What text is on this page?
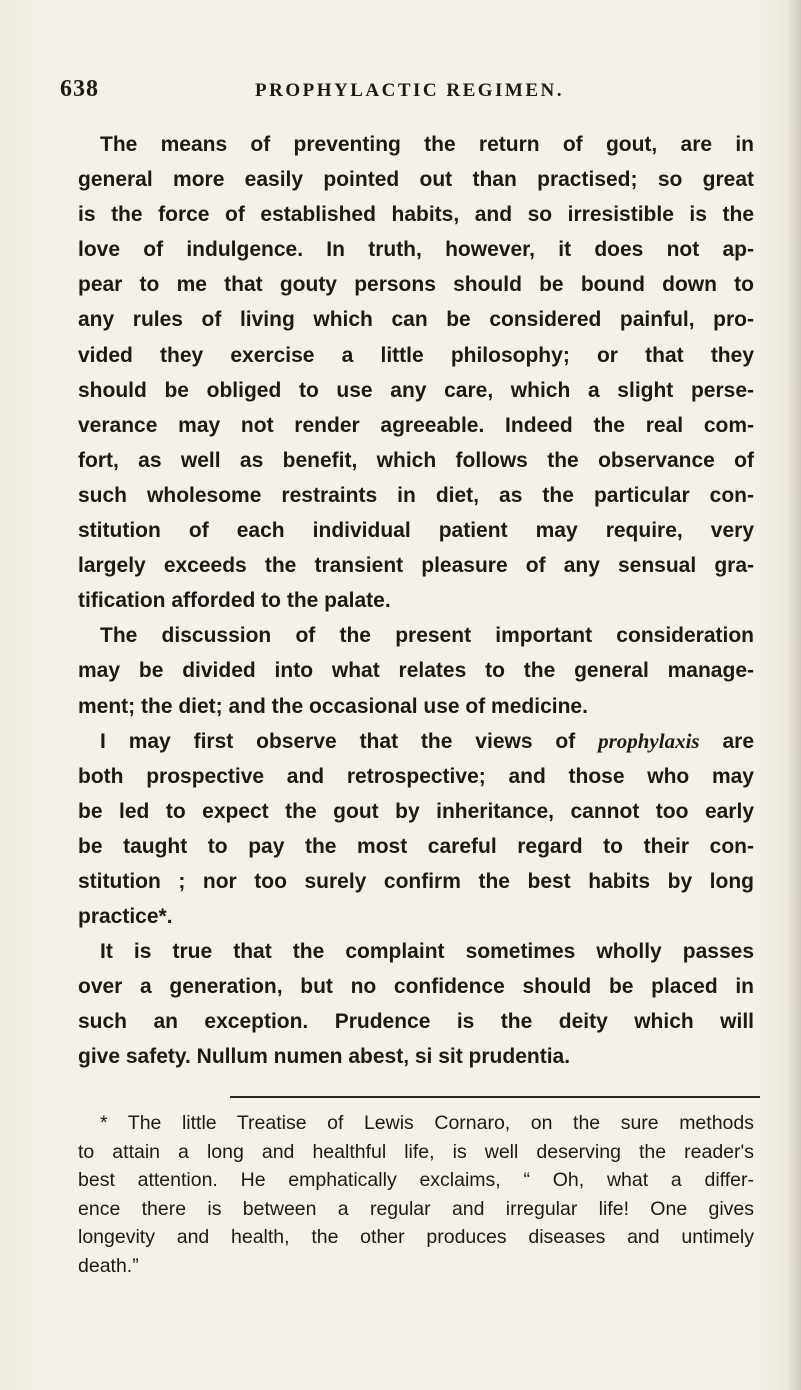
638	PROPHYLACTIC REGIMEN.
The means of preventing the return of gout, are in
general more easily pointed out than practised; so great
is the force of established habits, and so irresistible is the
love of indulgence. In truth, however, it does not ap-
pear to me that gouty persons should be bound down to
any rules of living which can be considered painful, pro-
vided they exercise a little philosophy; or that they
should be obliged to use any care, which a slight perse-
verance may not render agreeable. Indeed the real com-
fort, as well as benefit, which follows the observance of
such wholesome restraints in diet, as the particular con-
stitution of each individual patient may require, very
largely exceeds the transient pleasure of any sensual gra-
tification afforded to the palate.
The discussion of the present important consideration
may be divided into what relates to the general manage-
ment; the diet; and the occasional use of medicine.
I may first observe that the views of prophylaxis are
both prospective and retrospective; and those who may
be led to expect the gout by inheritance, cannot too early
be taught to pay the most careful regard to their con-
stitution ; nor too surely confirm the best habits by long
practice*.
It is true that the complaint sometimes wholly passes
over a generation, but no confidence should be placed in
such an exception. Prudence is the deity which will
give safety. Nullum numen abest, si sit prudentia.
* The little Treatise of Lewis Cornaro, on the sure methods
to attain a long and healthful life, is well deserving the reader's
best attention. He emphatically exclaims, “ Oh, what a differ-
ence there is between a regular and irregular life! One gives
longevity and health, the other produces diseases and untimely
death.”
